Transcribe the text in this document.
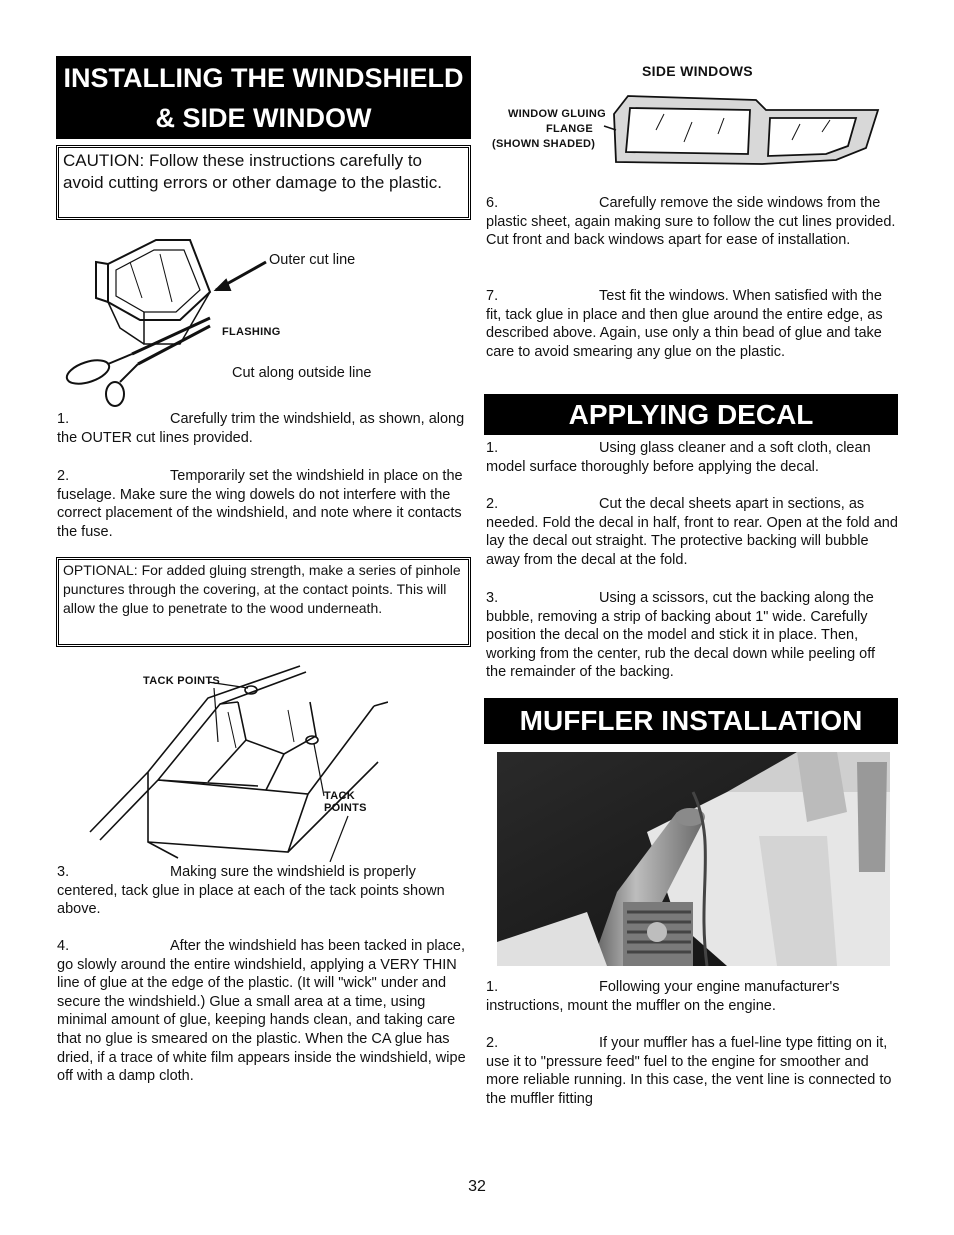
INSTALLING THE WINDSHIELD
& SIDE WINDOW
CAUTION: Follow these instructions carefully to avoid cutting errors or other damage to the plastic.
Outer cut line
FLASHING
Cut along outside line
1.	Carefully trim the windshield, as shown, along the OUTER cut lines provided.
2.	Temporarily set the windshield in place on the fuselage. Make sure the wing dowels do not interfere with the correct placement of the windshield, and note where it contacts the fuse.
OPTIONAL: For added gluing strength, make a series of pinhole punctures through the covering, at the contact points. This will allow the glue to penetrate to the wood underneath.
TACK POINTS
TACK POINTS
3.	Making sure the windshield is properly centered, tack glue in place at each of the tack points shown above.
4.	After the windshield has been tacked in place, go slowly around the entire windshield, applying a VERY THIN line of glue at the edge of the plastic. (It will "wick" under and secure the windshield.) Glue a small area at a time, using minimal amount of glue, keeping hands clean, and taking care that no glue is smeared on the plastic. When the CA glue has dried, if a trace of white film appears inside the windshield, wipe off with a damp cloth.
SIDE WINDOWS
WINDOW GLUING
FLANGE
(SHOWN SHADED)
6.	Carefully remove the side windows from the plastic sheet, again making sure to follow the cut lines provided. Cut front and back windows apart for ease of installation.
7.	Test fit the windows. When satisfied with the fit, tack glue in place and then glue around the entire edge, as described above. Again, use only a thin bead of glue and take care to avoid smearing any glue on the plastic.
APPLYING DECAL
1.	Using glass cleaner and a soft cloth, clean model surface thoroughly before applying the decal.
2.	Cut the decal sheets apart in sections, as needed. Fold the decal in half, front to rear. Open at the fold and lay the decal out straight. The protective backing will bubble away from the decal at the fold.
3.	Using a scissors, cut the backing along the bubble, removing a strip of backing about 1" wide. Carefully position the decal on the model and stick it in place. Then, working from the center, rub the decal down while peeling off the remainder of the backing.
MUFFLER INSTALLATION
1.	Following your engine manufacturer's instructions, mount the muffler on the engine.
2.	If your muffler has a fuel-line type fitting on it, use it to "pressure feed" fuel to the engine for smoother and more reliable running. In this case, the vent line is connected to the muffler fitting
32
